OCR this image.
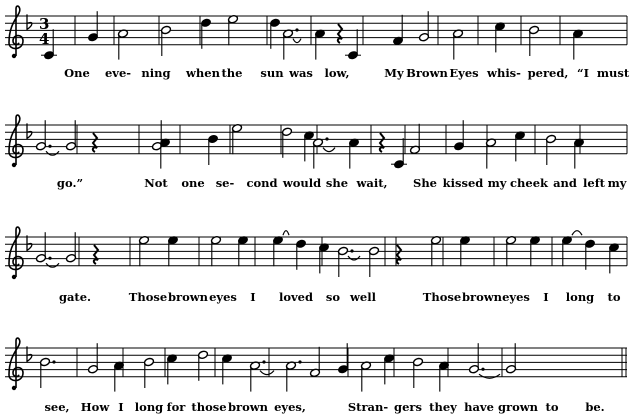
3
4
One eve- ning when the sun was low,	My Brown Eyes whis- pered, “I must
go.”	Not one se- cond would she wait, She kissed my cheek and left my
gate.	Those brown eyes I loved so well	Those brown eyes I long to
see, How I long for those brown eyes,	Stran- gers they have grown to be.
